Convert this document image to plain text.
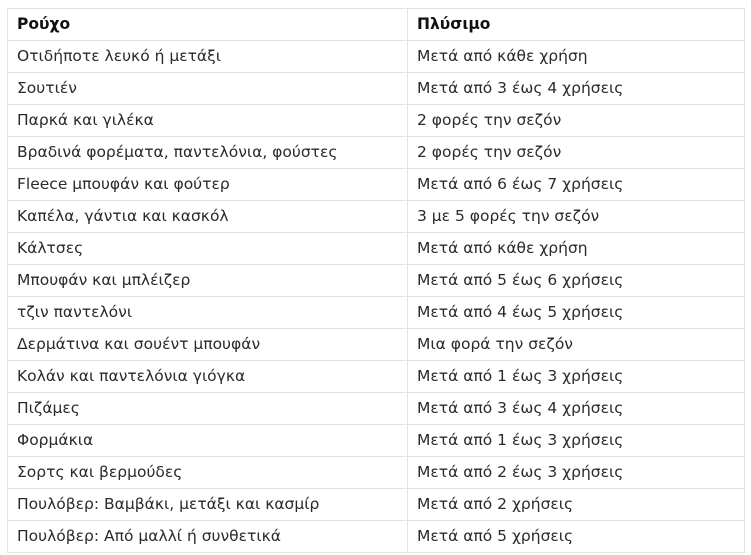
Ρούχο	Πλύσιμο
Οτιδήποτε λευκό ή μετάξι	Μετά από κάθε χρήση
Σουτιέν	Μετά από 3 έως 4 χρήσεις
Παρκά και γιλέκα	2 φορές την σεζόν
Βραδινά φορέματα, παντελόνια, φούστες	2 φορές την σεζόν
Fleece μπουφάν και φούτερ	Μετά από 6 έως 7 χρήσεις
Καπέλα, γάντια και κασκόλ	3 με 5 φορές την σεζόν
Κάλτσες	Μετά από κάθε χρήση
Μπουφάν και μπλέιζερ	Μετά από 5 έως 6 χρήσεις
τζιν παντελόνι	Μετά από 4 έως 5 χρήσεις
Δερμάτινα και σουέντ μπουφάν	Μια φορά την σεζόν
Κολάν και παντελόνια γιόγκα	Μετά από 1 έως 3 χρήσεις
Πιζάμες	Μετά από 3 έως 4 χρήσεις
Φορμάκια	Μετά από 1 έως 3 χρήσεις
Σορτς και βερμούδες	Μετά από 2 έως 3 χρήσεις
Πουλόβερ: Βαμβάκι, μετάξι και κασμίρ	Μετά από 2 χρήσεις
Πουλόβερ: Από μαλλί ή συνθετικά	Μετά από 5 χρήσεις
